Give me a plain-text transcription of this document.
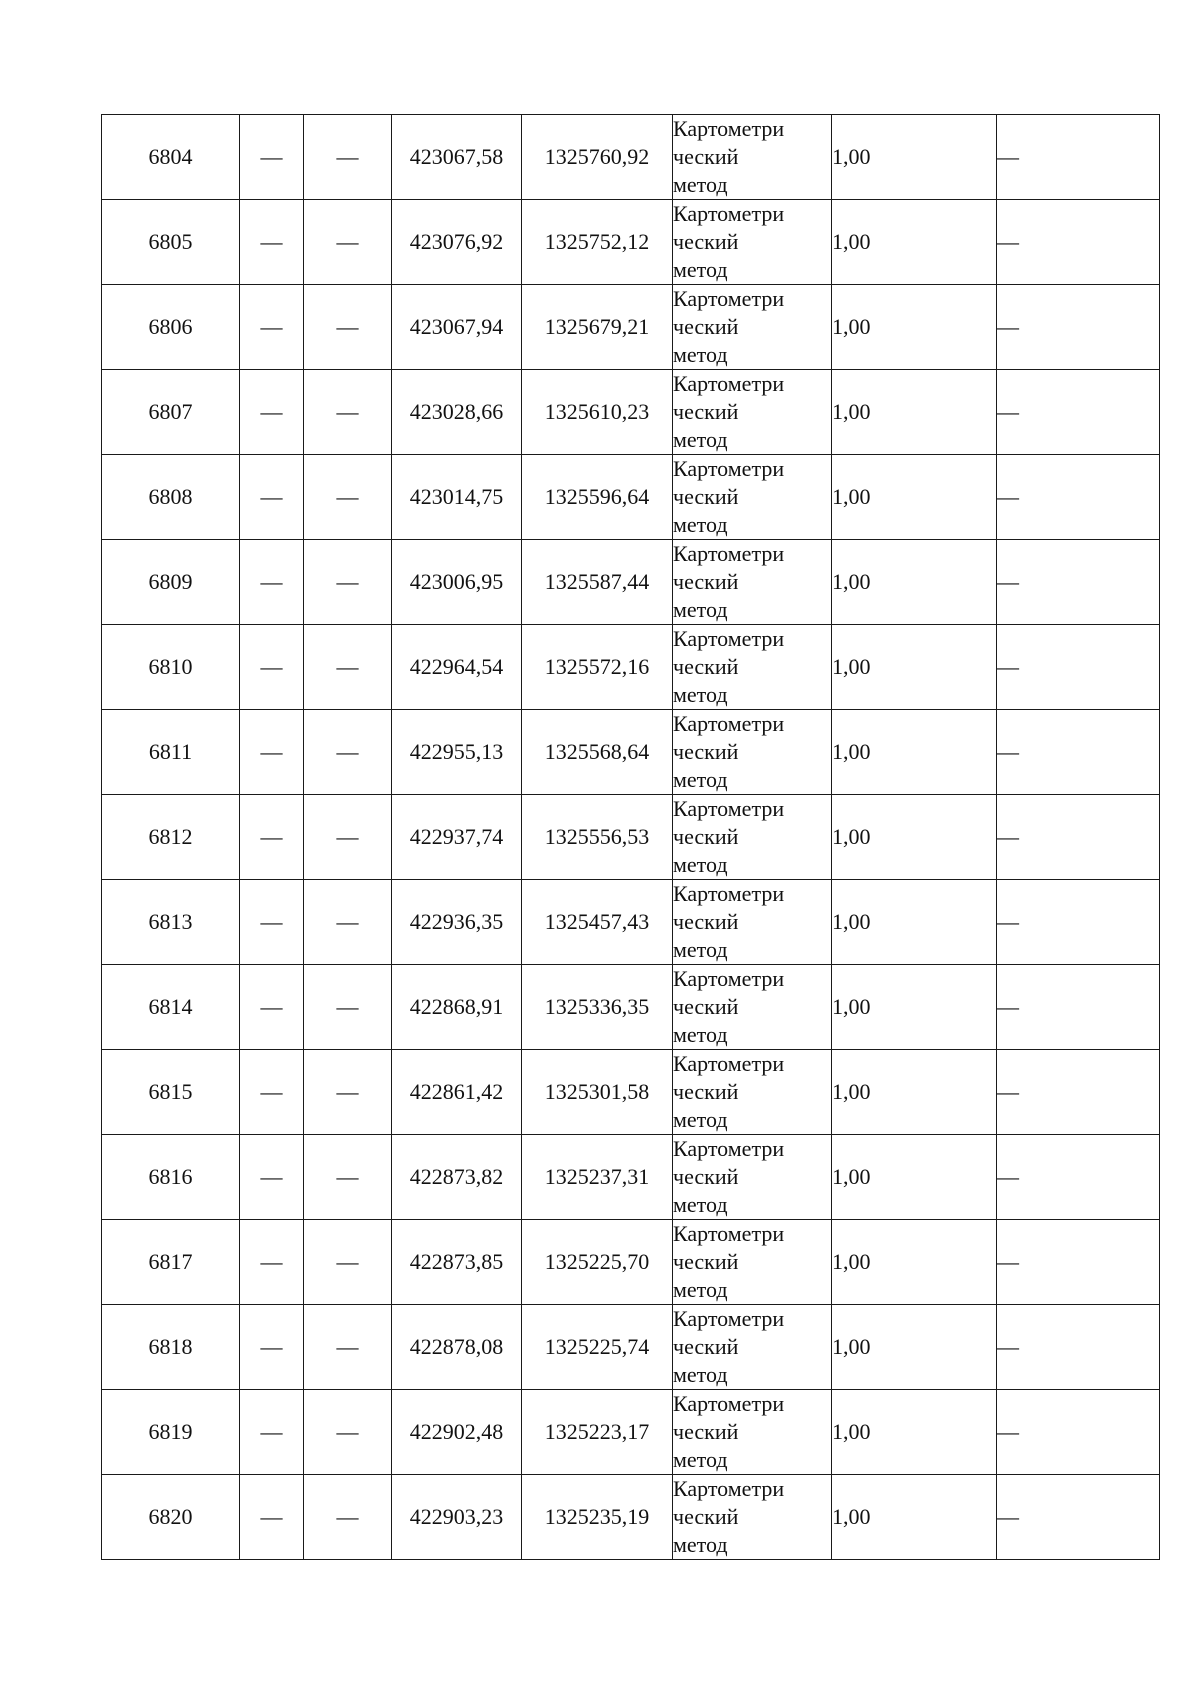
6804	—	—	423067,58	1325760,92	Картометри
ческий
метод	1,00	—
6805	—	—	423076,92	1325752,12	Картометри
ческий
метод	1,00	—
6806	—	—	423067,94	1325679,21	Картометри
ческий
метод	1,00	—
6807	—	—	423028,66	1325610,23	Картометри
ческий
метод	1,00	—
6808	—	—	423014,75	1325596,64	Картометри
ческий
метод	1,00	—
6809	—	—	423006,95	1325587,44	Картометри
ческий
метод	1,00	—
6810	—	—	422964,54	1325572,16	Картометри
ческий
метод	1,00	—
6811	—	—	422955,13	1325568,64	Картометри
ческий
метод	1,00	—
6812	—	—	422937,74	1325556,53	Картометри
ческий
метод	1,00	—
6813	—	—	422936,35	1325457,43	Картометри
ческий
метод	1,00	—
6814	—	—	422868,91	1325336,35	Картометри
ческий
метод	1,00	—
6815	—	—	422861,42	1325301,58	Картометри
ческий
метод	1,00	—
6816	—	—	422873,82	1325237,31	Картометри
ческий
метод	1,00	—
6817	—	—	422873,85	1325225,70	Картометри
ческий
метод	1,00	—
6818	—	—	422878,08	1325225,74	Картометри
ческий
метод	1,00	—
6819	—	—	422902,48	1325223,17	Картометри
ческий
метод	1,00	—
6820	—	—	422903,23	1325235,19	Картометри
ческий
метод	1,00	—
